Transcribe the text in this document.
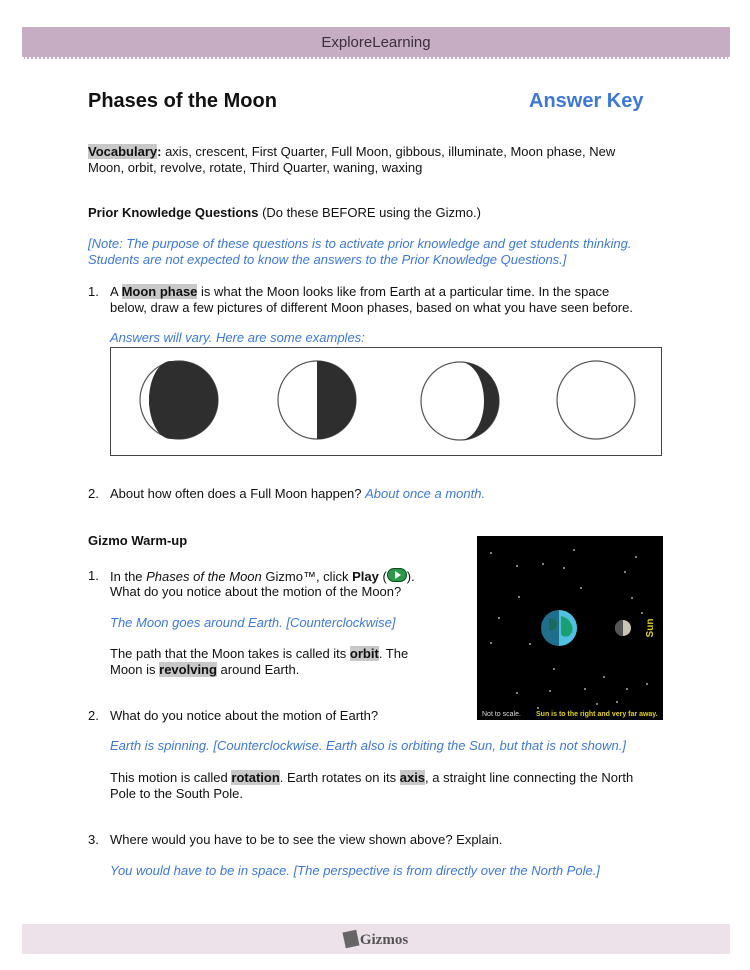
ExploreLearning
Phases of the Moon	Answer Key
Vocabulary: axis, crescent, First Quarter, Full Moon, gibbous, illuminate, Moon phase, New
Moon, orbit, revolve, rotate, Third Quarter, waning, waxing
Prior Knowledge Questions (Do these BEFORE using the Gizmo.)
[Note: The purpose of these questions is to activate prior knowledge and get students thinking.
Students are not expected to know the answers to the Prior Knowledge Questions.]
1. A Moon phase is what the Moon looks like from Earth at a particular time. In the space
below, draw a few pictures of different Moon phases, based on what you have seen before.
Answers will vary. Here are some examples:
2. About how often does a Full Moon happen? About once a month.
Gizmo Warm-up
1. In the Phases of the Moon Gizmo™, click Play ( ).
What do you notice about the motion of the Moon?
The Moon goes around Earth. [Counterclockwise]
The path that the Moon takes is called its orbit. The
Moon is revolving around Earth.
Sun
Not to scale. Sun is to the right and very far away.
2. What do you notice about the motion of Earth?
Earth is spinning. [Counterclockwise. Earth also is orbiting the Sun, but that is not shown.]
This motion is called rotation. Earth rotates on its axis, a straight line connecting the North
Pole to the South Pole.
3. Where would you have to be to see the view shown above? Explain.
You would have to be in space. [The perspective is from directly over the North Pole.]
Gizmos
